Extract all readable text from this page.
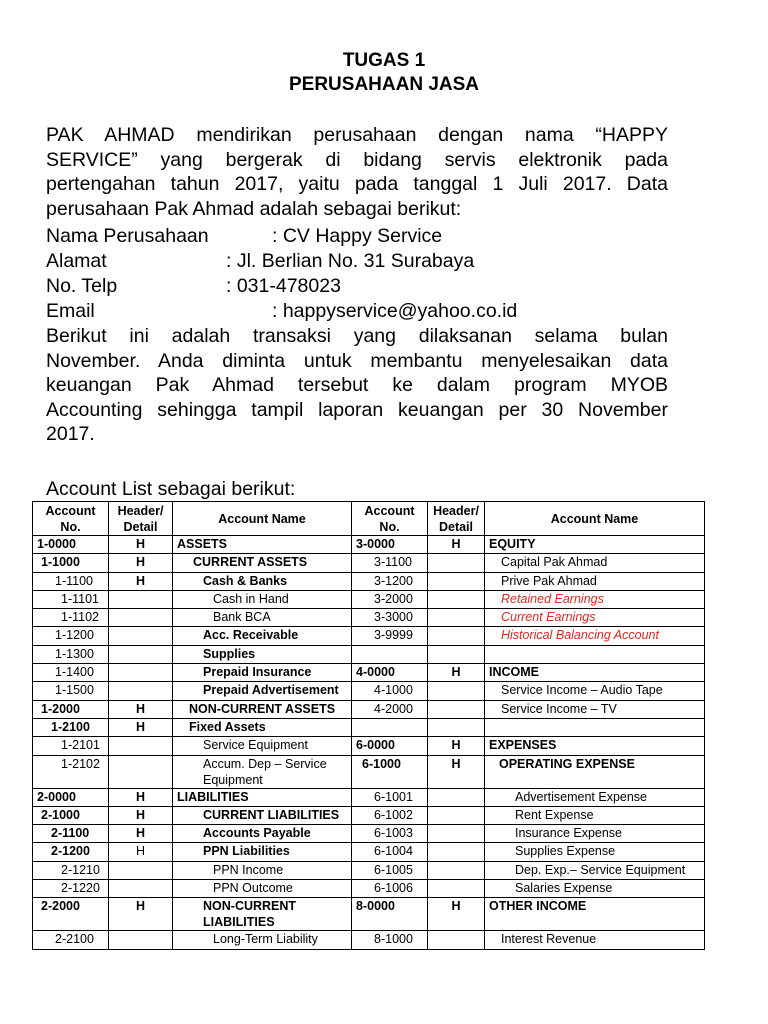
TUGAS 1
PERUSAHAAN JASA
PAK AHMAD mendirikan perusahaan dengan nama “HAPPY
SERVICE” yang bergerak di bidang servis elektronik pada
pertengahan tahun 2017, yaitu pada tanggal 1 Juli 2017. Data
perusahaan Pak Ahmad adalah sebagai berikut:
Nama Perusahaan	: CV Happy Service
Alamat	: Jl. Berlian No. 31 Surabaya
No. Telp	: 031-478023
Email	: happyservice@yahoo.co.id
Berikut ini adalah transaksi yang dilaksanan selama bulan
November. Anda diminta untuk membantu menyelesaikan data
keuangan Pak Ahmad tersebut ke dalam program MYOB
Accounting sehingga tampil laporan keuangan per 30 November
2017.
Account List sebagai berikut:
Account No.	Header/ Detail	Account Name	Account No.	Header/ Detail	Account Name
1-0000	H	ASSETS	3-0000	H	EQUITY
1-1000	H	CURRENT ASSETS	3-1100		Capital Pak Ahmad
1-1100	H	Cash & Banks	3-1200		Prive Pak Ahmad
1-1101		Cash in Hand	3-2000		Retained Earnings
1-1102		Bank BCA	3-3000		Current Earnings
1-1200		Acc. Receivable	3-9999		Historical Balancing Account
1-1300		Supplies			
1-1400		Prepaid Insurance	4-0000	H	INCOME
1-1500		Prepaid Advertisement	4-1000		Service Income – Audio Tape
1-2000	H	NON-CURRENT ASSETS	4-2000		Service Income – TV
1-2100	H	Fixed Assets			
1-2101		Service Equipment	6-0000	H	EXPENSES
1-2102		Accum. Dep – Service Equipment	6-1000	H	OPERATING EXPENSE
2-0000	H	LIABILITIES	6-1001		Advertisement Expense
2-1000	H	CURRENT LIABILITIES	6-1002		Rent Expense
2-1100	H	Accounts Payable	6-1003		Insurance Expense
2-1200	H	PPN Liabilities	6-1004		Supplies Expense
2-1210		PPN Income	6-1005		Dep. Exp.– Service Equipment
2-1220		PPN Outcome	6-1006		Salaries Expense
2-2000	H	NON-CURRENT LIABILITIES	8-0000	H	OTHER INCOME
2-2100		Long-Term Liability	8-1000		Interest Revenue
